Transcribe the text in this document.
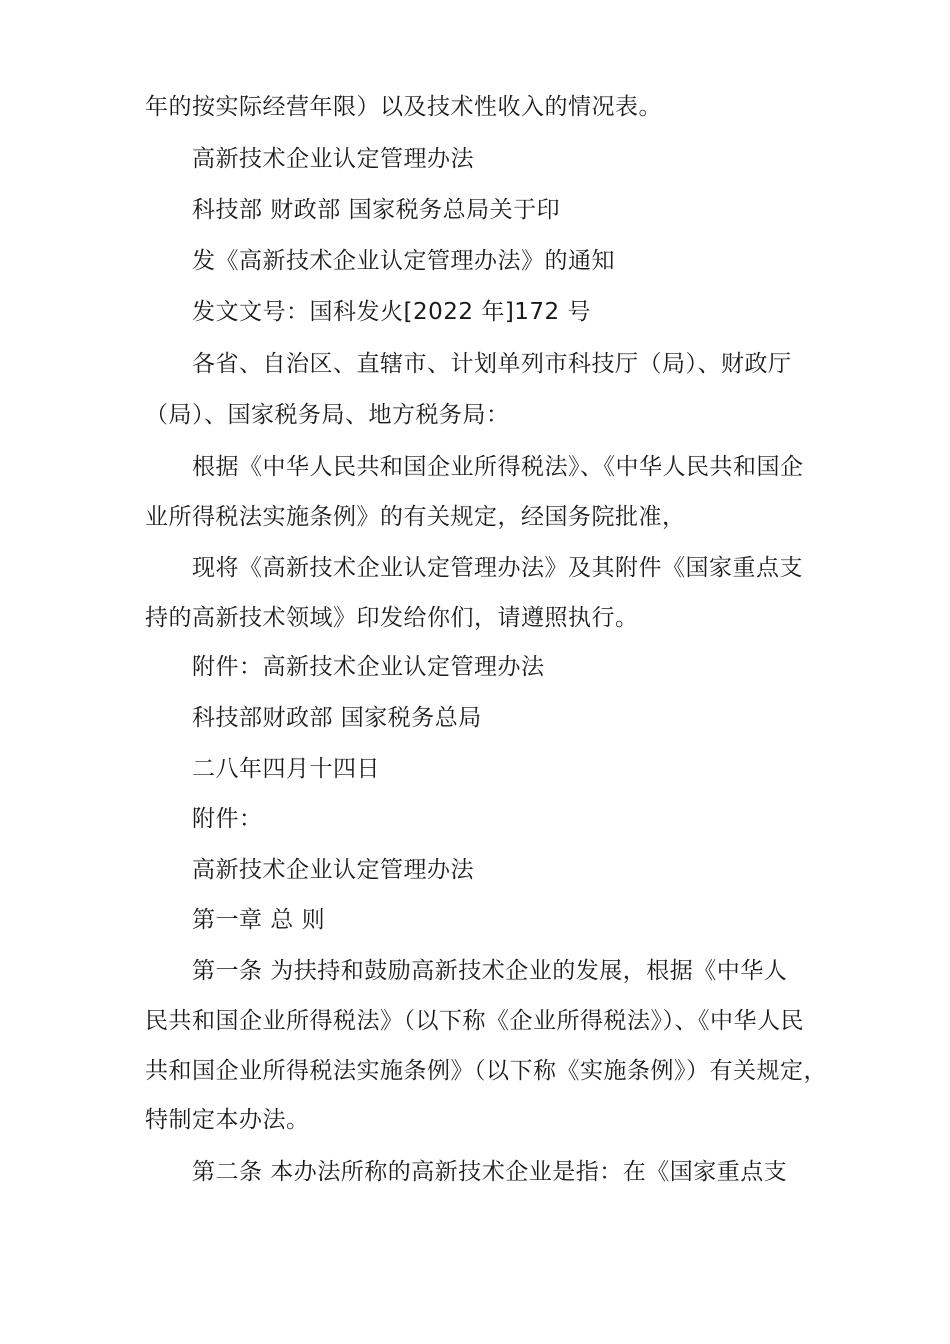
年的按实际经营年限）以及技术性收入的情况表。
高新技术企业认定管理办法
科技部 财政部 国家税务总局关于印
发《高新技术企业认定管理办法》的通知
发文文号：国科发火[2022 年]172 号
各省、自治区、直辖市、计划单列市科技厅（局）、财政厅
（局）、国家税务局、地方税务局：
根据《中华人民共和国企业所得税法》、《中华人民共和国企
业所得税法实施条例》的有关规定，经国务院批准，
现将《高新技术企业认定管理办法》及其附件《国家重点支
持的高新技术领域》印发给你们，请遵照执行。
附件：高新技术企业认定管理办法
科技部财政部 国家税务总局
二八年四月十四日
附件：
高新技术企业认定管理办法
第一章 总 则
第一条 为扶持和鼓励高新技术企业的发展，根据《中华人
民共和国企业所得税法》（以下称《企业所得税法》）、《中华人民
共和国企业所得税法实施条例》（以下称《实施条例》）有关规定，
特制定本办法。
第二条 本办法所称的高新技术企业是指：在《国家重点支
